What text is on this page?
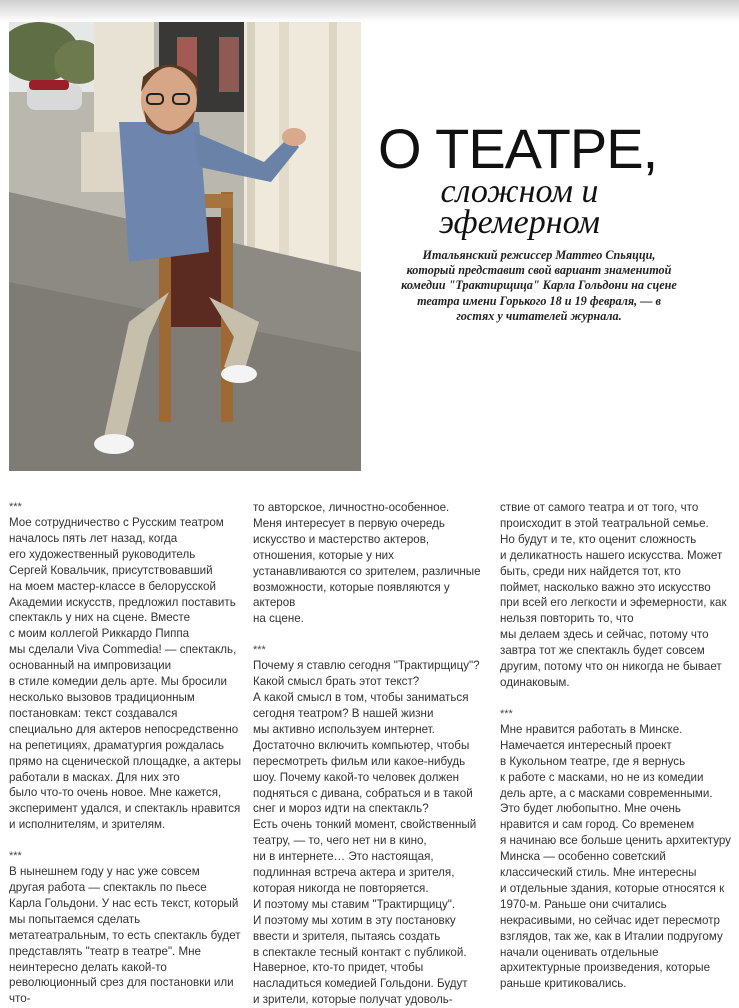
О ТЕАТРЕ,
сложном и
эфемерном

Итальянский режиссер Маттео Спьяцци, который представит свой вариант знаменитой комедии "Трактирщица" Карла Гольдони на сцене театра имени Горького 18 и 19 февраля, — в гостях у читателей журнала.

***

Мое сотрудничество с Русским театром началось пять лет назад, когда
его художественный руководитель
Сергей Ковальчик, присутствовавший
на моем мастер-классе в белорусской
Академии искусств, предложил поставить спектакль у них на сцене. Вместе
с моим коллегой Риккардо Пиппа
мы сделали Viva Commedia! — спектакль, основанный на импровизации
в стиле комедии дель арте. Мы бросили несколько вызовов традиционным
постановкам: текст создавался специально для актеров непосредственно
на репетициях, драматургия рождалась
прямо на сценической площадке, а актеры работали в масках. Для них это
было что-то очень новое. Мне кажется,
эксперимент удался, и спектакль нравится и исполнителям, и зрителям.

***

В нынешнем году у нас уже совсем
другая работа — спектакль по пьесе
Карла Гольдони. У нас есть текст, который мы попытаемся сделать метатеатральным, то есть спектакль будет
представлять "театр в театре". Мне
неинтересно делать какой-то революционный срез для постановки или что-

то авторское, личностно-особенное.
Меня интересует в первую очередь
искусство и мастерство актеров, отношения, которые у них устанавливаются со зрителем, различные возможности, которые появляются у актеров
на сцене.

***

Почему я ставлю сегодня "Трактирщицу"? Какой смысл брать этот текст?
А какой смысл в том, чтобы заниматься сегодня театром? В нашей жизни
мы активно используем интернет. Достаточно включить компьютер, чтобы
пересмотреть фильм или какое-нибудь
шоу. Почему какой-то человек должен
подняться с дивана, собраться и в такой снег и мороз идти на спектакль?
Есть очень тонкий момент, свойственный театру, — то, чего нет ни в кино,
ни в интернете… Это настоящая,
подлинная встреча актера и зрителя, которая никогда не повторяется.
И поэтому мы ставим "Трактирщицу".
И поэтому мы хотим в эту постановку
ввести и зрителя, пытаясь создать
в спектакле тесный контакт с публикой. Наверное, кто-то придет, чтобы
насладиться комедией Гольдони. Будут
и зрители, которые получат удоволь-

ствие от самого театра и от того, что
происходит в этой театральной семье.
Но будут и те, кто оценит сложность
и деликатность нашего искусства. Может быть, среди них найдется тот, кто
поймет, насколько важно это искусство при всей его легкости и эфемерности, как нельзя повторить то, что
мы делаем здесь и сейчас, потому что
завтра тот же спектакль будет совсем
другим, потому что он никогда не бывает одинаковым.

***

Мне нравится работать в Минске.
Намечается интересный проект
в Кукольном театре, где я вернусь
к работе с масками, но не из комедии
дель арте, а с масками современными. Это будет любопытно. Мне очень
нравится и сам город. Со временем
я начинаю все больше ценить архитектуру Минска — особенно советский
классический стиль. Мне интересны
и отдельные здания, которые относятся к 1970-м. Раньше они считались некрасивыми, но сейчас идет пересмотр
взглядов, так же, как в Италии подругому начали оценивать отдельные
архитектурные произведения, которые
раньше критиковались.
